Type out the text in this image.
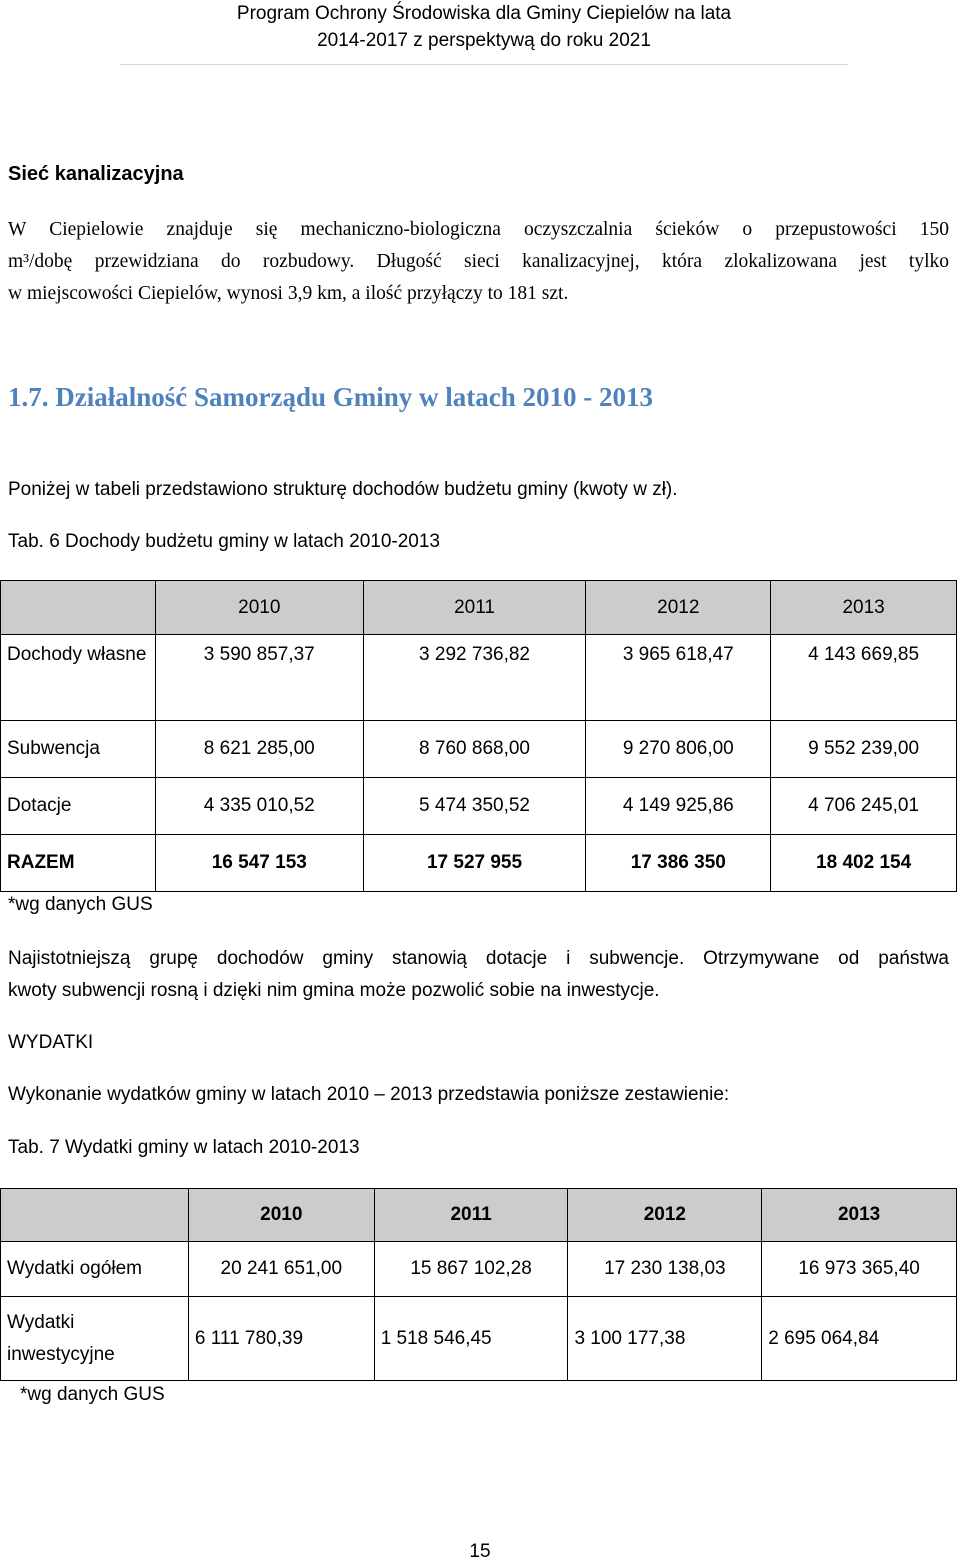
Program Ochrony Środowiska dla Gminy Ciepielów na lata
2014-2017 z perspektywą do roku 2021
Sieć kanalizacyjna
W Ciepielowie znajduje się mechaniczno-biologiczna oczyszczalnia ścieków o przepustowości 150
m³/dobę przewidziana do rozbudowy. Długość sieci kanalizacyjnej, która zlokalizowana jest tylko
w miejscowości Ciepielów, wynosi 3,9 km, a ilość przyłączy to 181 szt.
1.7. Działalność Samorządu Gminy w latach 2010 - 2013
Poniżej w tabeli przedstawiono strukturę dochodów budżetu gminy (kwoty w zł).
Tab. 6 Dochody budżetu gminy w latach 2010-2013
	2010	2011	2012	2013
Dochody własne	3 590 857,37	3 292 736,82	3 965 618,47	4 143 669,85
Subwencja	8 621 285,00	8 760 868,00	9 270 806,00	9 552 239,00
Dotacje	4 335 010,52	5 474 350,52	4 149 925,86	4 706 245,01
RAZEM	16 547 153	17 527 955	17 386 350	18 402 154
*wg danych GUS
Najistotniejszą grupę dochodów gminy stanowią dotacje i subwencje. Otrzymywane od państwa
kwoty subwencji rosną i dzięki nim gmina może pozwolić sobie na inwestycje.
WYDATKI
Wykonanie wydatków gminy w latach 2010 – 2013 przedstawia poniższe zestawienie:
Tab. 7 Wydatki gminy w latach 2010-2013
	2010	2011	2012	2013
Wydatki ogółem	20 241 651,00	15 867 102,28	17 230 138,03	16 973 365,40

Wydatki inwestycyjne	6 111 780,39	1 518 546,45	3 100 177,38	2 695 064,84
*wg danych GUS
15
